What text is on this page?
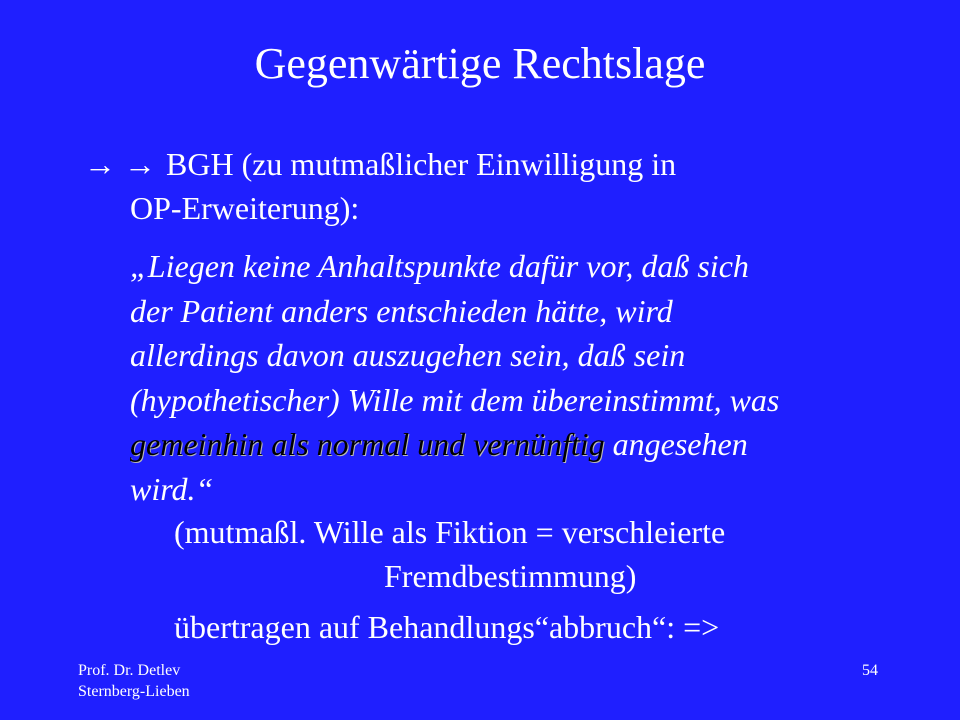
Gegenwärtige Rechtslage
→ → BGH (zu mutmaßlicher Einwilligung in
OP-Erweiterung):
„Liegen keine Anhaltspunkte dafür vor, daß sich
der Patient anders entschieden hätte, wird
allerdings davon auszugehen sein, daß sein
(hypothetischer) Wille mit dem übereinstimmt, was
gemeinhin als normal und vernünftig angesehen
wird.“
(mutmaßl. Wille als Fiktion = verschleierte
Fremdbestimmung)
übertragen auf Behandlungs“abbruch“: =>
Prof. Dr. Detlev
Sternberg-Lieben
54
